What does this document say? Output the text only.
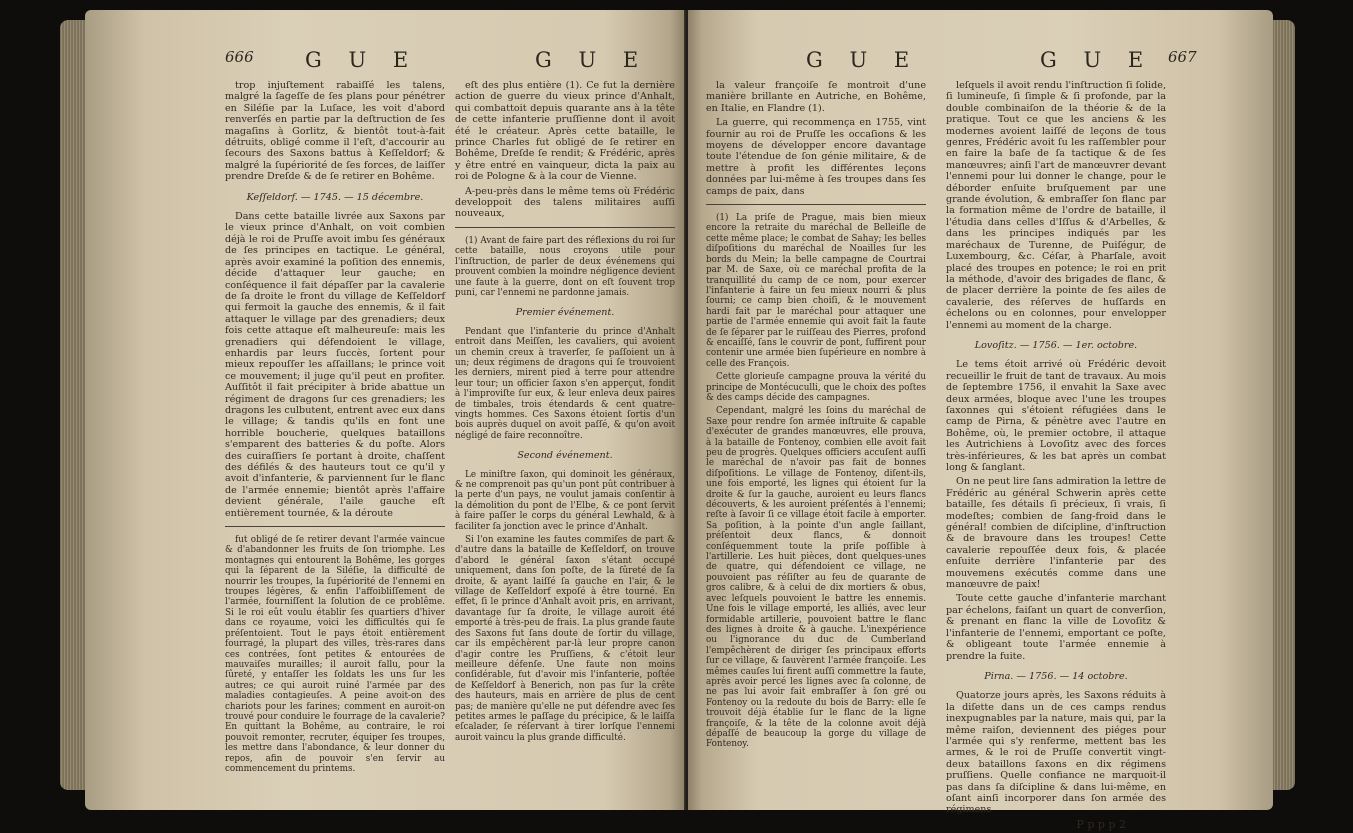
666 G U E	G U E

trop injuſtement rabaiſſé les talens, malgré la ſageſſe de ſes plans pour pénétrer en Siléſie par la Luſace, les voit d'abord renverſés en partie par la deſtruction de ſes magaſins à Gorlitz, & bientôt tout-à-fait détruits, obligé comme il l'eſt, d'accourir au ſecours des Saxons battus à Keſſeldorf; & malgré la ſupériorité de ſes forces, de laiſſer prendre Dreſde & de ſe retirer en Bohême.

Keſſeldorf. — 1745. — 15 décembre.

Dans cette bataille livrée aux Saxons par le vieux prince d'Anhalt, on voit combien déjà le roi de Pruſſe avoit imbu ſes généraux de ſes principes en tactique. Le général, après avoir examiné la poſition des ennemis, décide d'attaquer leur gauche; en conſéquence il fait dépaſſer par la cavalerie de ſa droite le front du village de Keſſeldorf qui fermoit la gauche des ennemis, & il fait attaquer le village par des grenadiers; deux fois cette attaque eſt malheureuſe: mais les grenadiers qui défendoient le village, enhardis par leurs ſuccès, ſortent pour mieux repouſſer les aſſaillans; le prince voit ce mouvement; il juge qu'il peut en profiter. Auſſitôt il fait précipiter à bride abattue un régiment de dragons ſur ces grenadiers; les dragons les culbutent, entrent avec eux dans le village; & tandis qu'ils en font une horrible boucherie, quelques bataillons s'emparent des batteries & du poſte. Alors des cuiraſſiers ſe portant à droite, chaſſent des défilés & des hauteurs tout ce qu'il y avoit d'infanterie, & parviennent ſur le flanc de l'armée ennemie; bientôt après l'affaire devient générale, l'aile gauche eſt entièrement tournée, & la déroute

fut obligé de ſe retirer devant l'armée vaincue & d'abandonner les fruits de ſon triomphe. Les montagnes qui entourent la Bohême, les gorges qui la ſéparent de la Siléſie, la difficulté de nourrir les troupes, la ſupériorité de l'ennemi en troupes légères, & enfin l'affoibliſſement de l'armée, fourniſſent la ſolution de ce problême. Si le roi eût voulu établir ſes quartiers d'hiver dans ce royaume, voici les difficultés qui ſe préſentoient. Tout le pays étoit entièrement fourragé, la plupart des villes, très-rares dans ces contrées, ſont petites & entourées de mauvaiſes murailles; il auroit fallu, pour la ſûreté, y entaſſer les ſoldats les uns ſur les autres; ce qui auroit ruiné l'armée par des maladies contagieuſes. A peine avoit-on des chariots pour les farines; comment en auroit-on trouvé pour conduire le fourrage de la cavalerie? En quittant la Bohême, au contraire, le roi pouvoit remonter, recruter, équiper ſes troupes, les mettre dans l'abondance, & leur donner du repos, afin de pouvoir s'en ſervir au commencement du printems.

eſt des plus entière (1). Ce fut la dernière action de guerre du vieux prince d'Anhalt, qui combattoit depuis quarante ans à la tête de cette infanterie pruſſienne dont il avoit été le créateur. Après cette bataille, le prince Charles fut obligé de ſe retirer en Bohême, Dreſde ſe rendit; & Frédéric, après y être entré en vainqueur, dicta la paix au roi de Pologne & à la cour de Vienne.

A-peu-près dans le même tems où Frédéric developpoit des talens militaires auſſi nouveaux,

(1) Avant de faire part des réflexions du roi ſur cette bataille, nous croyons utile pour l'inſtruction, de parler de deux événemens qui prouvent combien la moindre négligence devient une faute à la guerre, dont on eſt ſouvent trop puni, car l'ennemi ne pardonne jamais.

Premier événement.

Pendant que l'infanterie du prince d'Anhalt entroit dans Meiſſen, les cavaliers, qui avoient un chemin creux à traverſer, ſe paſſoient un à un; deux régimens de dragons qui ſe trouvoient les derniers, mirent pied à terre pour attendre leur tour; un officier ſaxon s'en apperçut, fondit à l'improviſte ſur eux, & leur enleva deux paires de timbales, trois étendards & cent quatre-vingts hommes. Ces Saxons étoient ſortis d'un bois auprès duquel on avoit paſſé, & qu'on avoit négligé de faire reconnoître.

Second événement.

Le miniſtre ſaxon, qui dominoit les généraux, & ne comprenoit pas qu'un pont pût contribuer à la perte d'un pays, ne voulut jamais conſentir à la démolition du pont de l'Elbe, & ce pont ſervit à faire paſſer le corps du général Lewhald, & à faciliter ſa jonction avec le prince d'Anhalt.

Si l'on examine les fautes commiſes de part & d'autre dans la bataille de Keſſeldorf, on trouve d'abord le général ſaxon s'étant occupé uniquement, dans ſon poſte, de la ſûreté de ſa droite, & ayant laiſſé ſa gauche en l'air, & le village de Keſſeldorf expoſé à être tourné. En effet, ſi le prince d'Anhalt avoit pris, en arrivant, davantage ſur ſa droite, le village auroit été emporté à très-peu de frais. La plus grande faute des Saxons fut ſans doute de ſortir du village, car ils empêchèrent par-là leur propre canon d'agir contre les Pruſſiens, & c'étoit leur meilleure défenſe. Une faute non moins conſidérable, fut d'avoir mis l'infanterie, poſtée de Keſſeldorf à Benerich, non pas ſur la crête des hauteurs, mais en arrière de plus de cent pas; de manière qu'elle ne put défendre avec ſes petites armes le paſſage du précipice, & le laiſſa eſcalader, ſe réſervant à tirer lorſque l'ennemi auroit vaincu la plus grande difficulté.

G U E	G U E 667

la valeur françoiſe ſe montroit d'une manière brillante en Autriche, en Bohême, en Italie, en Flandre (1).

La guerre, qui recommença en 1755, vint fournir au roi de Pruſſe les occaſions & les moyens de développer encore davantage toute l'étendue de ſon génie militaire, & de mettre à profit les différentes leçons données par lui-même à ſes troupes dans ſes camps de paix, dans

(1) La priſe de Prague, mais bien mieux encore la retraite du maréchal de Belleiſle de cette même place; le combat de Sahay; les belles diſpoſitions du maréchal de Noailles ſur les bords du Mein; la belle campagne de Courtrai par M. de Saxe, où ce maréchal profita de la tranquillité du camp de ce nom, pour exercer l'infanterie à faire un feu mieux nourri & plus ſourni; ce camp bien choiſi, & le mouvement hardi fait par le maréchal pour attaquer une partie de l'armée ennemie qui avoit fait la faute de ſe ſéparer par le ruiſſeau des Pierres, profond & encaiſſé, ſans le couvrir de pont, ſuffirent pour contenir une armée bien ſupérieure en nombre à celle des François.

Cette glorieuſe campagne prouva la vérité du principe de Montécuculli, que le choix des poſtes & des camps décide des campagnes.

Cependant, malgré les ſoins du maréchal de Saxe pour rendre ſon armée inſtruite & capable d'exécuter de grandes manœuvres, elle prouva, à la bataille de Fontenoy, combien elle avoit fait peu de progrès. Quelques officiers accuſent auſſi le maréchal de n'avoir pas fait de bonnes diſpoſitions. Le village de Fontenoy, diſent-ils, une fois emporté, les lignes qui étoient ſur la droite & ſur la gauche, auroient eu leurs flancs découverts, & les auroient préſentés à l'ennemi; reſte à ſavoir ſi ce village étoit facile à emporter. Sa poſition, à la pointe d'un angle ſaillant, préſentoit deux flancs, & donnoit conſéquemment toute la priſe poſſible à l'artillerie. Les huit pièces, dont quelques-unes de quatre, qui défendoient ce village, ne pouvoient pas réſiſter au feu de quarante de gros calibre, & à celui de dix mortiers & obus, avec leſquels pouvoient le battre les ennemis. Une fois le village emporté, les alliés, avec leur formidable artillerie, pouvoient battre le flanc des lignes à droite & à gauche. L'inexpérience ou l'ignorance du duc de Cumberland l'empêchèrent de diriger ſes principaux efforts ſur ce village, & ſauvèrent l'armée françoiſe. Les mêmes cauſes lui firent auſſi commettre la faute, après avoir percé les lignes avec ſa colonne, de ne pas lui avoir fait embraſſer à ſon gré ou Fontenoy ou la redoute du bois de Barry: elle ſe trouvoit déjà établie ſur le flanc de la ligne françoiſe, & la tête de la colonne avoit déjà dépaſſé de beaucoup la gorge du village de Fontenoy.

leſquels il avoit rendu l'inſtruction ſi ſolide, ſi lumineuſe, ſi ſimple & ſi profonde, par la double combinaiſon de la théorie & de la pratique. Tout ce que les anciens & les modernes avoient laiſſé de leçons de tous genres, Frédéric avoit ſu les raſſembler pour en faire la baſe de ſa tactique & de ſes manœuvres; ainſi l'art de manœuvrer devant l'ennemi pour lui donner le change, pour le déborder enſuite bruſquement par une grande évolution, & embraſſer ſon flanc par la formation même de l'ordre de bataille, il l'étudia dans celles d'Iſſus & d'Arbelles, & dans les principes indiqués par les maréchaux de Turenne, de Puiſégur, de Luxembourg, &c. Céſar, à Pharſale, avoit placé des troupes en potence; le roi en prit la méthode, d'avoir des brigades de flanc, & de placer derrière la pointe de ſes ailes de cavalerie, des réſerves de huſſards en échelons ou en colonnes, pour envelopper l'ennemi au moment de la charge.

Lovoſitz. — 1756. — 1er. octobre.

Le tems étoit arrivé où Frédéric devoit recueillir le fruit de tant de travaux. Au mois de ſeptembre 1756, il envahit la Saxe avec deux armées, bloque avec l'une les troupes ſaxonnes qui s'étoient réfugiées dans le camp de Pirna, & pénètre avec l'autre en Bohême, où, le premier octobre, il attaque les Autrichiens à Lovoſitz avec des forces très-inférieures, & les bat après un combat long & ſanglant.

On ne peut lire ſans admiration la lettre de Frédéric au général Schwerin après cette bataille, ſes détails ſi précieux, ſi vrais, ſi modeſtes; combien de ſang-froid dans le général! combien de diſcipline, d'inſtruction & de bravoure dans les troupes! Cette cavalerie repouſſée deux fois, & placée enſuite derrière l'infanterie par des mouvemens exécutés comme dans une manœuvre de paix!

Toute cette gauche d'infanterie marchant par échelons, faiſant un quart de converſion, & prenant en flanc la ville de Lovoſitz & l'infanterie de l'ennemi, emportant ce poſte, & obligeant toute l'armée ennemie à prendre la fuite.

Pirna. — 1756. — 14 octobre.

Quatorze jours après, les Saxons réduits à la diſette dans un de ces camps rendus inexpugnables par la nature, mais qui, par la même raiſon, deviennent des piéges pour l'armée qui s'y renferme, mettent bas les armes, & le roi de Pruſſe convertit vingt-deux bataillons ſaxons en dix régimens pruſſiens. Quelle confiance ne marquoit-il pas dans ſa diſcipline & dans lui-même, en oſant ainſi incorporer dans ſon armée des régimens

P p p p 2
